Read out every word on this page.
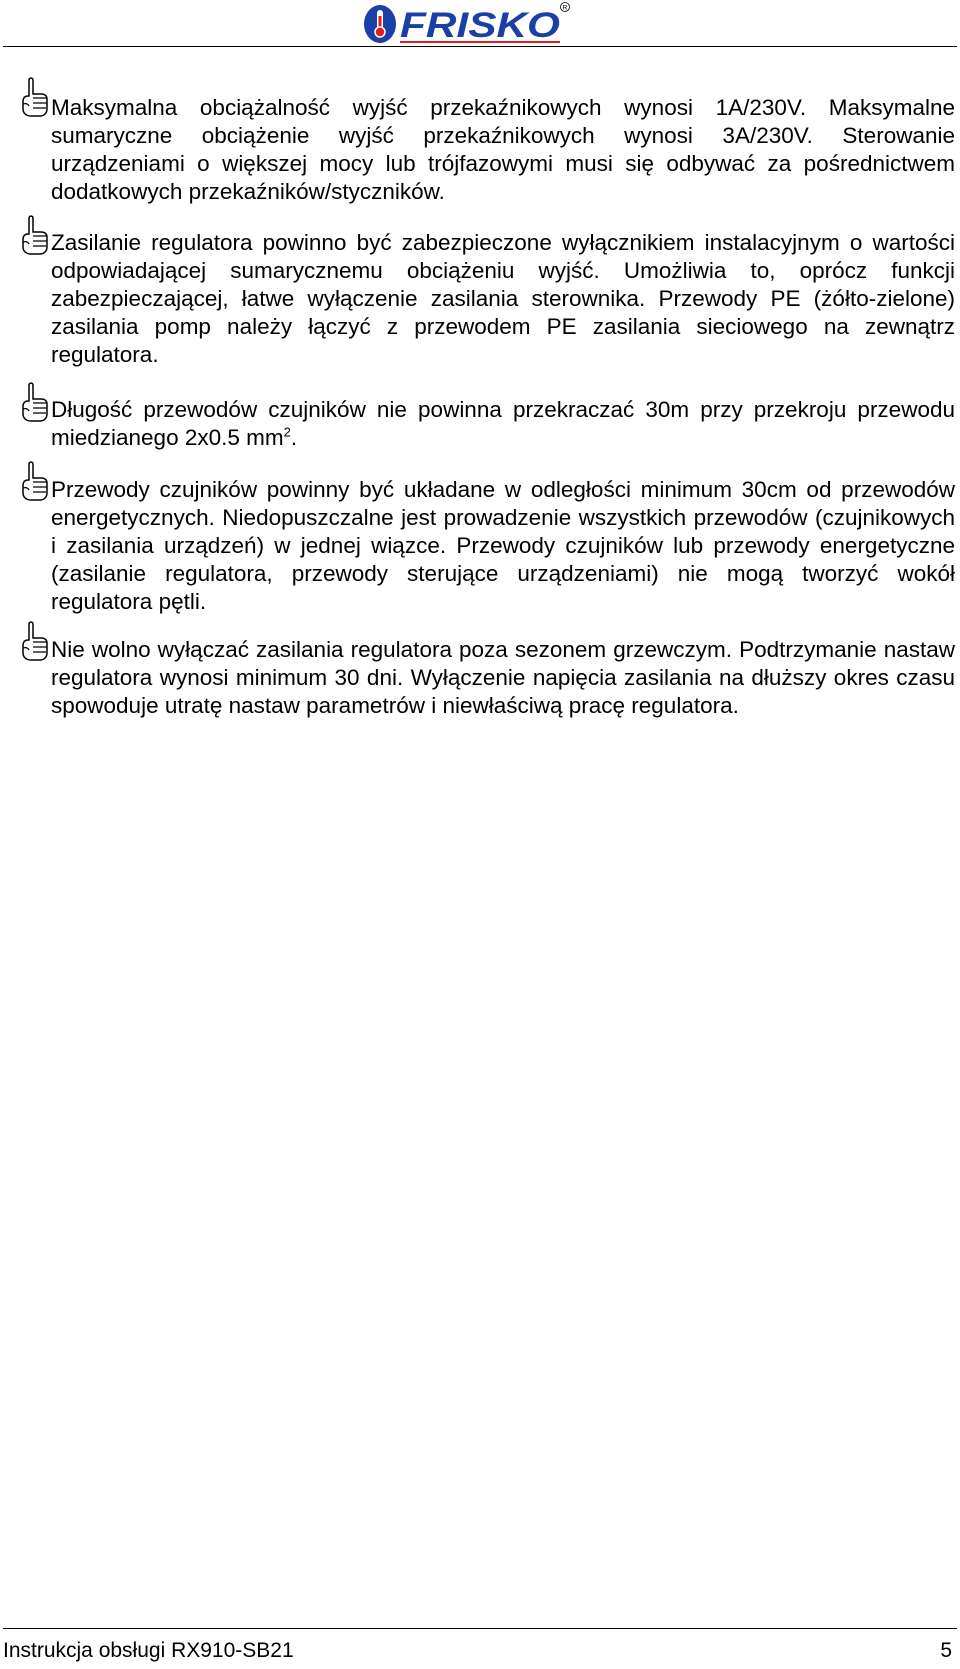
FRISKO R
Maksymalna obciążalność wyjść przekaźnikowych wynosi 1A/230V. Maksymalne sumaryczne obciążenie wyjść przekaźnikowych wynosi 3A/230V. Sterowanie urządzeniami o większej mocy lub trójfazowymi musi się odbywać za pośrednictwem dodatkowych przekaźników/styczników.
Zasilanie regulatora powinno być zabezpieczone wyłącznikiem instalacyjnym o wartości odpowiadającej sumarycznemu obciążeniu wyjść. Umożliwia to, oprócz funkcji zabezpieczającej, łatwe wyłączenie zasilania sterownika. Przewody PE (żółto-zielone) zasilania pomp należy łączyć z przewodem PE zasilania sieciowego na zewnątrz regulatora.
Długość przewodów czujników nie powinna przekraczać 30m przy przekroju przewodu miedzianego 2x0.5 $mm^2$.
Przewody czujników powinny być układane w odległości minimum 30cm od przewodów energetycznych. Niedopuszczalne jest prowadzenie wszystkich przewodów (czujnikowych i zasilania urządzeń) w jednej wiązce. Przewody czujników lub przewody energetyczne (zasilanie regulatora, przewody sterujące urządzeniami) nie mogą tworzyć wokół regulatora pętli.
Nie wolno wyłączać zasilania regulatora poza sezonem grzewczym. Podtrzymanie nastaw regulatora wynosi minimum 30 dni. Wyłączenie napięcia zasilania na dłuższy okres czasu spowoduje utratę nastaw parametrów i niewłaściwą pracę regulatora.
Instrukcja obsługi RX910-SB21	5
